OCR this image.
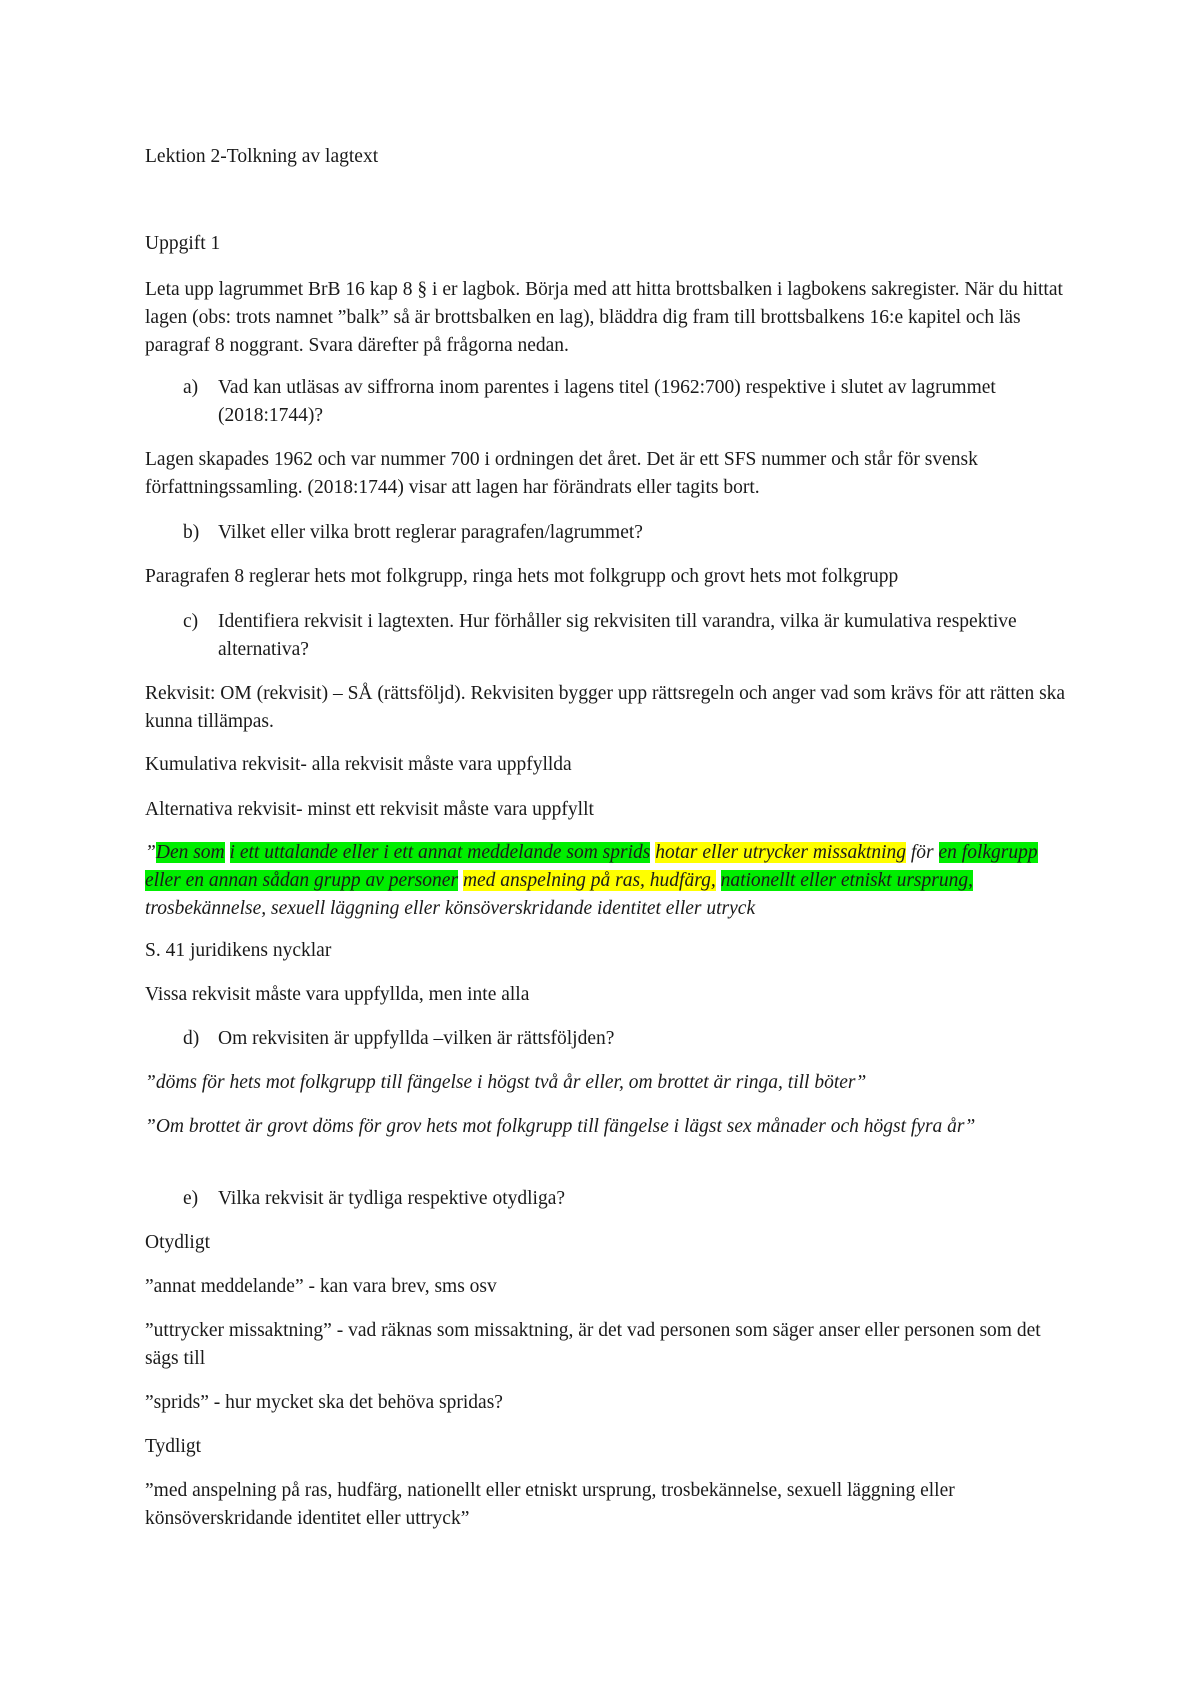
Lektion 2-Tolkning av lagtext

Uppgift 1

Leta upp lagrummet BrB 16 kap 8 § i er lagbok. Börja med att hitta brottsbalken i lagbokens sakregister. När du hittat lagen (obs: trots namnet ”balk” så är brottsbalken en lag), bläddra dig fram till brottsbalkens 16:e kapitel och läs paragraf 8 noggrant. Svara därefter på frågorna nedan.

a) Vad kan utläsas av siffrorna inom parentes i lagens titel (1962:700) respektive i slutet av lagrummet (2018:1744)?

Lagen skapades 1962 och var nummer 700 i ordningen det året. Det är ett SFS nummer och står för svensk författningssamling. (2018:1744) visar att lagen har förändrats eller tagits bort.

b) Vilket eller vilka brott reglerar paragrafen/lagrummet?

Paragrafen 8 reglerar hets mot folkgrupp, ringa hets mot folkgrupp och grovt hets mot folkgrupp

c) Identifiera rekvisit i lagtexten. Hur förhåller sig rekvisiten till varandra, vilka är kumulativa respektive alternativa?

Rekvisit: OM (rekvisit) – SÅ (rättsföljd). Rekvisiten bygger upp rättsregeln och anger vad som krävs för att rätten ska kunna tillämpas.

Kumulativa rekvisit- alla rekvisit måste vara uppfyllda

Alternativa rekvisit- minst ett rekvisit måste vara uppfyllt

”Den som i ett uttalande eller i ett annat meddelande som sprids hotar eller utrycker missaktning för en folkgrupp eller en annan sådan grupp av personer med anspelning på ras, hudfärg, nationellt eller etniskt ursprung, trosbekännelse, sexuell läggning eller könsöverskridande identitet eller utryck

S. 41 juridikens nycklar

Vissa rekvisit måste vara uppfyllda, men inte alla

d) Om rekvisiten är uppfyllda –vilken är rättsföljden?

”döms för hets mot folkgrupp till fängelse i högst två år eller, om brottet är ringa, till böter”

”Om brottet är grovt döms för grov hets mot folkgrupp till fängelse i lägst sex månader och högst fyra år”

e) Vilka rekvisit är tydliga respektive otydliga?

Otydligt

”annat meddelande” - kan vara brev, sms osv

”uttrycker missaktning” - vad räknas som missaktning, är det vad personen som säger anser eller personen som det sägs till

”sprids” - hur mycket ska det behöva spridas?

Tydligt

”med anspelning på ras, hudfärg, nationellt eller etniskt ursprung, trosbekännelse, sexuell läggning eller könsöverskridande identitet eller uttryck”
